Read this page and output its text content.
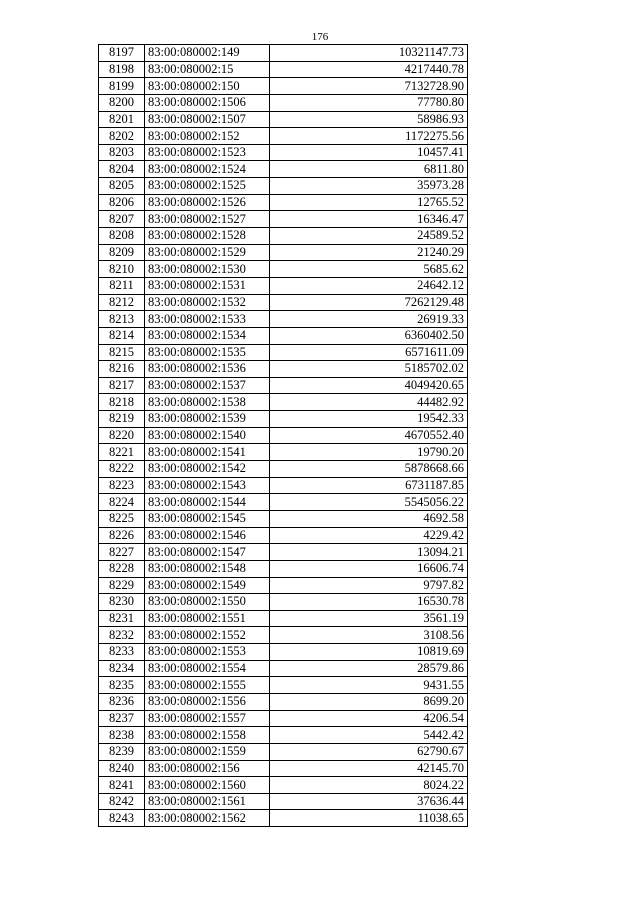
176
8197	83:00:080002:149	10321147.73
8198	83:00:080002:15	4217440.78
8199	83:00:080002:150	7132728.90
8200	83:00:080002:1506	77780.80
8201	83:00:080002:1507	58986.93
8202	83:00:080002:152	1172275.56
8203	83:00:080002:1523	10457.41
8204	83:00:080002:1524	6811.80
8205	83:00:080002:1525	35973.28
8206	83:00:080002:1526	12765.52
8207	83:00:080002:1527	16346.47
8208	83:00:080002:1528	24589.52
8209	83:00:080002:1529	21240.29
8210	83:00:080002:1530	5685.62
8211	83:00:080002:1531	24642.12
8212	83:00:080002:1532	7262129.48
8213	83:00:080002:1533	26919.33
8214	83:00:080002:1534	6360402.50
8215	83:00:080002:1535	6571611.09
8216	83:00:080002:1536	5185702.02
8217	83:00:080002:1537	4049420.65
8218	83:00:080002:1538	44482.92
8219	83:00:080002:1539	19542.33
8220	83:00:080002:1540	4670552.40
8221	83:00:080002:1541	19790.20
8222	83:00:080002:1542	5878668.66
8223	83:00:080002:1543	6731187.85
8224	83:00:080002:1544	5545056.22
8225	83:00:080002:1545	4692.58
8226	83:00:080002:1546	4229.42
8227	83:00:080002:1547	13094.21
8228	83:00:080002:1548	16606.74
8229	83:00:080002:1549	9797.82
8230	83:00:080002:1550	16530.78
8231	83:00:080002:1551	3561.19
8232	83:00:080002:1552	3108.56
8233	83:00:080002:1553	10819.69
8234	83:00:080002:1554	28579.86
8235	83:00:080002:1555	9431.55
8236	83:00:080002:1556	8699.20
8237	83:00:080002:1557	4206.54
8238	83:00:080002:1558	5442.42
8239	83:00:080002:1559	62790.67
8240	83:00:080002:156	42145.70
8241	83:00:080002:1560	8024.22
8242	83:00:080002:1561	37636.44
8243	83:00:080002:1562	11038.65
